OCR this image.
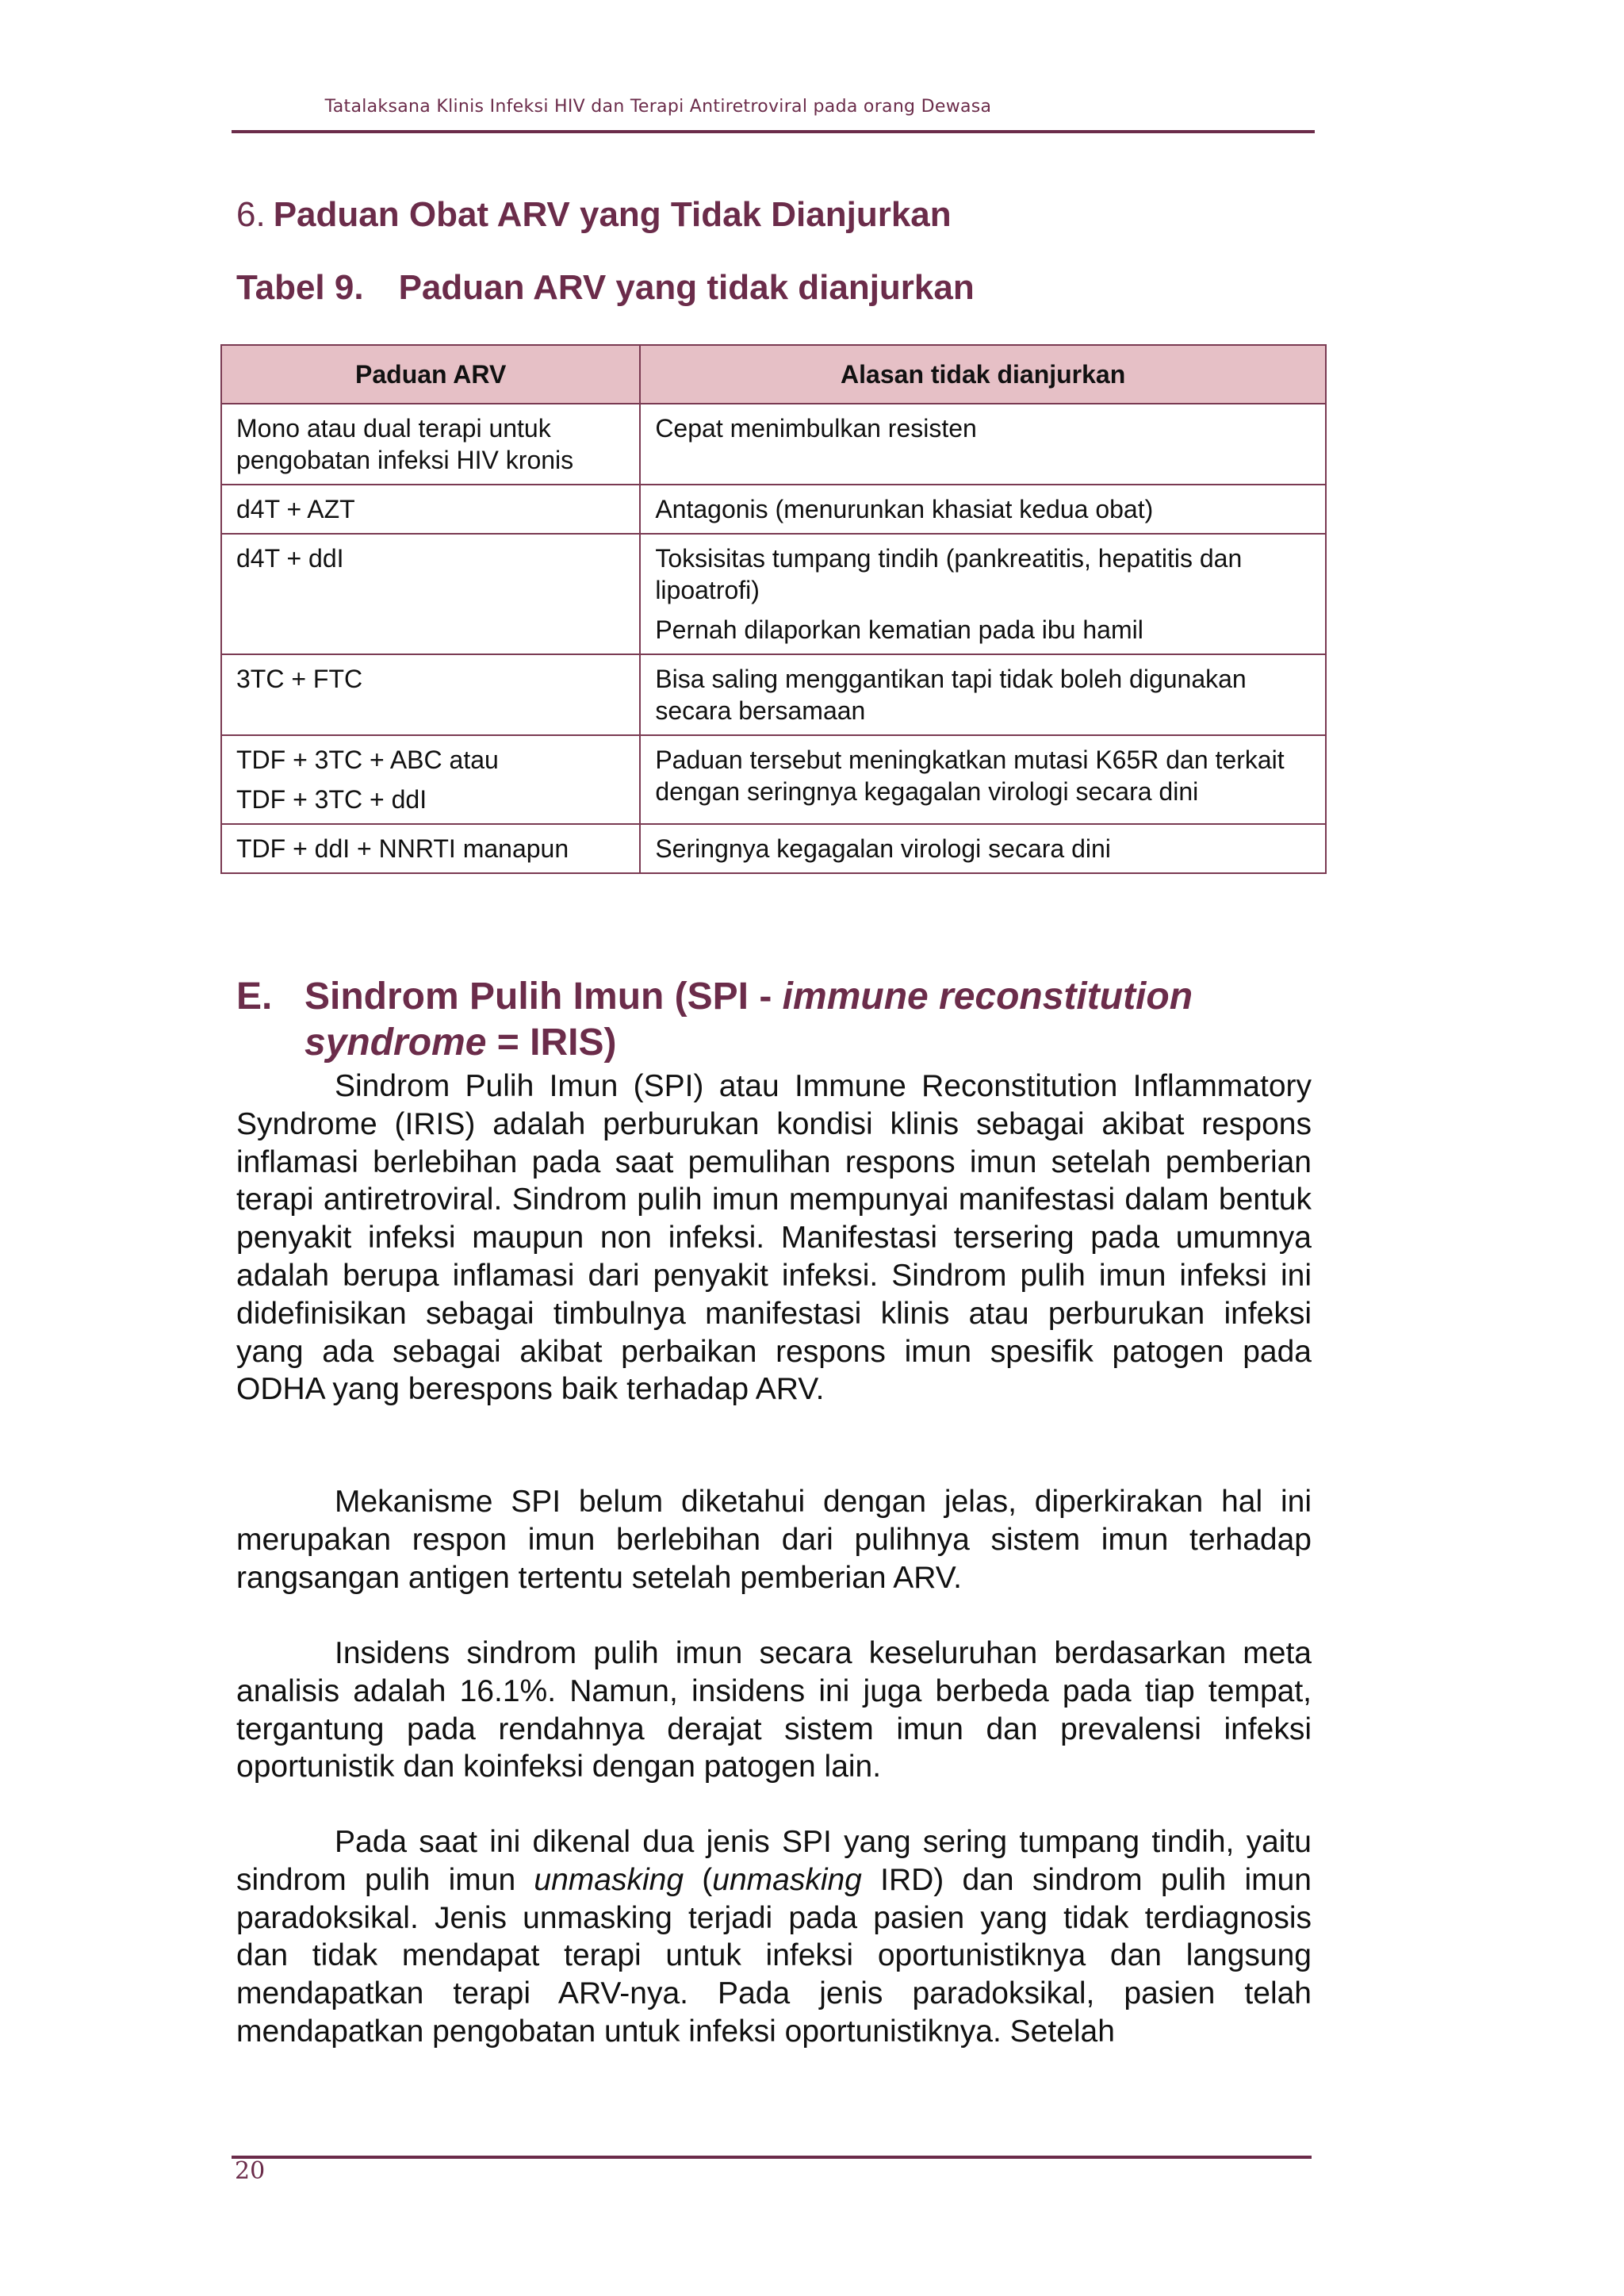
Tatalaksana Klinis Infeksi HIV dan Terapi Antiretroviral pada orang Dewasa
6. Paduan Obat ARV yang Tidak Dianjurkan
Tabel 9. Paduan ARV yang tidak dianjurkan
Paduan ARV	Alasan tidak dianjurkan

Mono atau dual terapi untuk pengobatan infeksi HIV kronis	Cepat menimbulkan resisten

d4T + AZT	Antagonis (menurunkan khasiat kedua obat)

d4T + ddI	Toksisitas tumpang tindih (pankreatitis, hepatitis dan lipoatrofi)
Pernah dilaporkan kematian pada ibu hamil

3TC + FTC	Bisa saling menggantikan tapi tidak boleh digunakan secara bersamaan

TDF + 3TC + ABC atau
TDF + 3TC + ddI	Paduan tersebut meningkatkan mutasi K65R dan terkait dengan seringnya kegagalan virologi secara dini

TDF + ddI + NNRTI manapun	Seringnya kegagalan virologi secara dini
E. Sindrom Pulih Imun (SPI - immune reconstitution syndrome = IRIS)

Sindrom Pulih Imun (SPI) atau Immune Reconstitution Inflammatory Syndrome (IRIS) adalah perburukan kondisi klinis sebagai akibat respons inflamasi berlebihan pada saat pemulihan respons imun setelah pemberian terapi antiretroviral. Sindrom pulih imun mempunyai manifestasi dalam bentuk penyakit infeksi maupun non infeksi. Manifestasi tersering pada umumnya adalah berupa inflamasi dari penyakit infeksi. Sindrom pulih imun infeksi ini didefinisikan sebagai timbulnya manifestasi klinis atau perburukan infeksi yang ada sebagai akibat perbaikan respons imun spesifik patogen pada ODHA yang berespons baik terhadap ARV.

Mekanisme SPI belum diketahui dengan jelas, diperkirakan hal ini merupakan respon imun berlebihan dari pulihnya sistem imun terhadap rangsangan antigen tertentu setelah pemberian ARV.

Insidens sindrom pulih imun secara keseluruhan berdasarkan meta analisis adalah 16.1%. Namun, insidens ini juga berbeda pada tiap tempat, tergantung pada rendahnya derajat sistem imun dan prevalensi infeksi oportunistik dan koinfeksi dengan patogen lain.

Pada saat ini dikenal dua jenis SPI yang sering tumpang tindih, yaitu sindrom pulih imun unmasking (unmasking IRD) dan sindrom pulih imun paradoksikal. Jenis unmasking terjadi pada pasien yang tidak terdiagnosis dan tidak mendapat terapi untuk infeksi oportunistiknya dan langsung mendapatkan terapi ARV-nya. Pada jenis paradoksikal, pasien telah mendapatkan pengobatan untuk infeksi oportunistiknya. Setelah

20
